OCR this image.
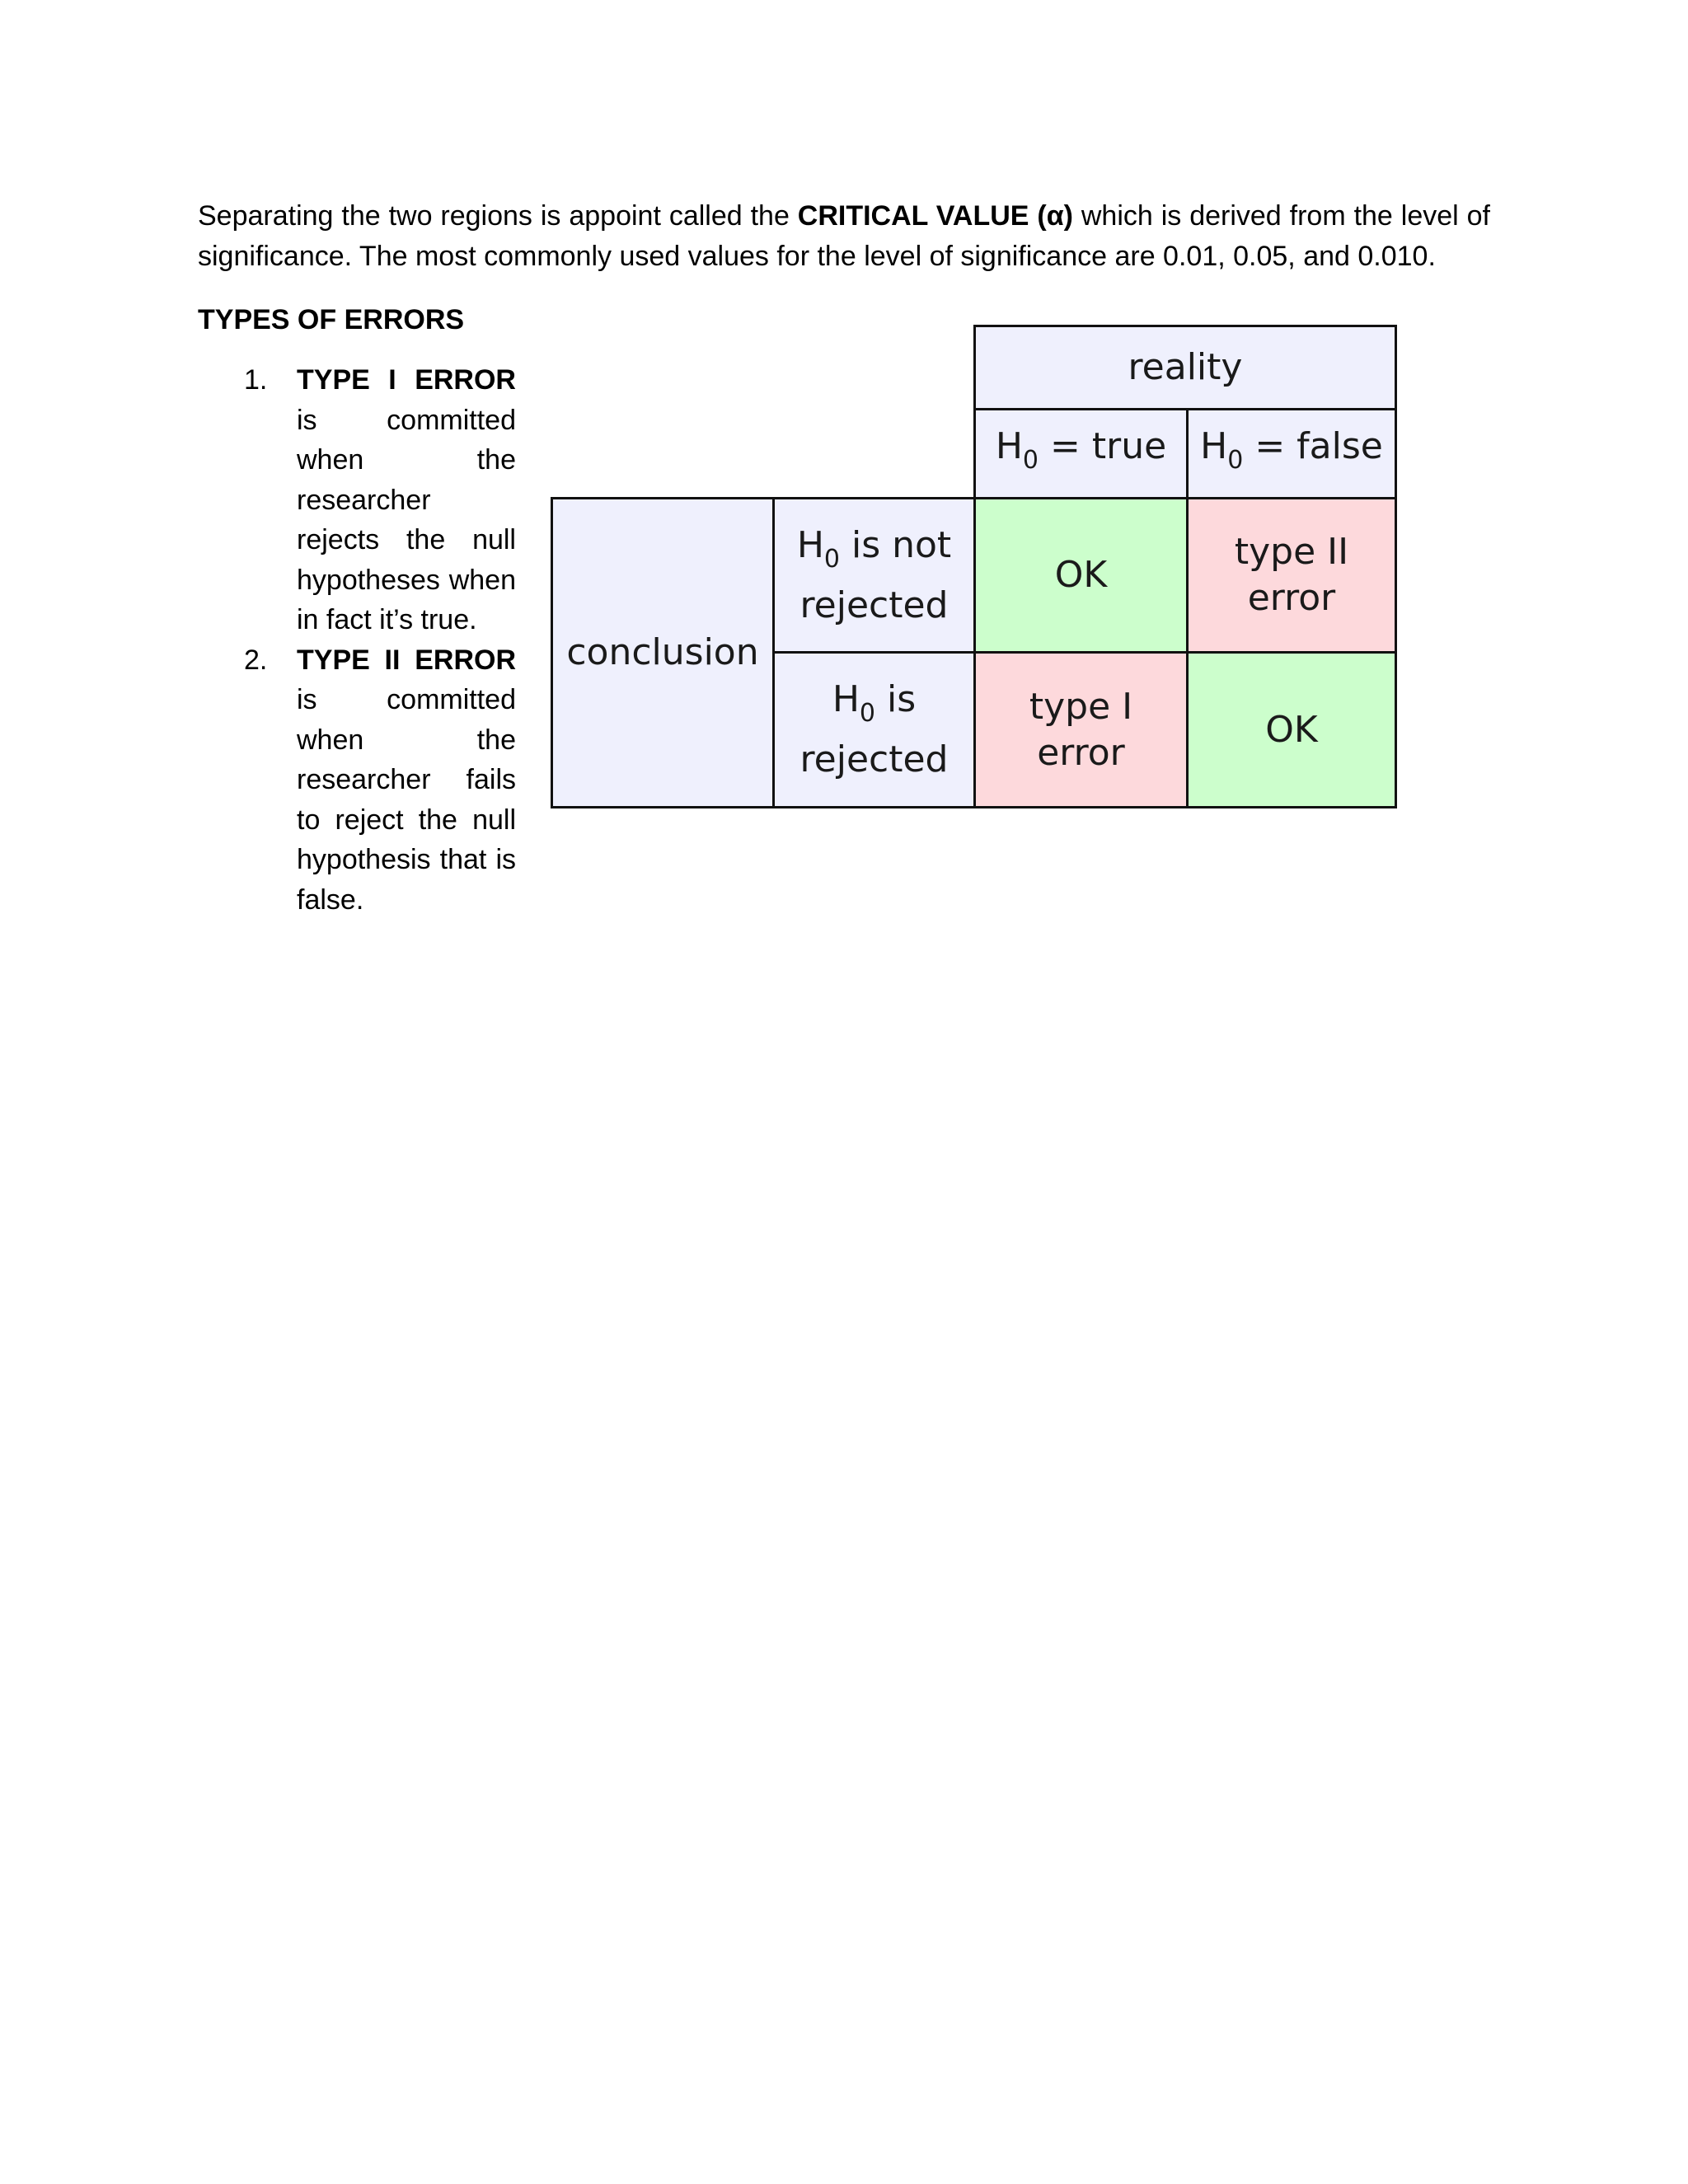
Separating the two regions is appoint called the CRITICAL VALUE (α) which is derived from the level of significance. The most commonly used values for the level of significance are 0.01, 0.05, and 0.010.
TYPES OF ERRORS
1. TYPE I ERROR is committed when the researcher rejects the null hypotheses when in fact it’s true.
2. TYPE II ERROR is committed when the researcher fails to reject the null hypothesis that is false.
reality
$H_0$ = true $H_0$ = false
conclusion
$H_0$ is not
rejected
$H_0$ is
rejected
OK
type II
error
type I
error
OK
